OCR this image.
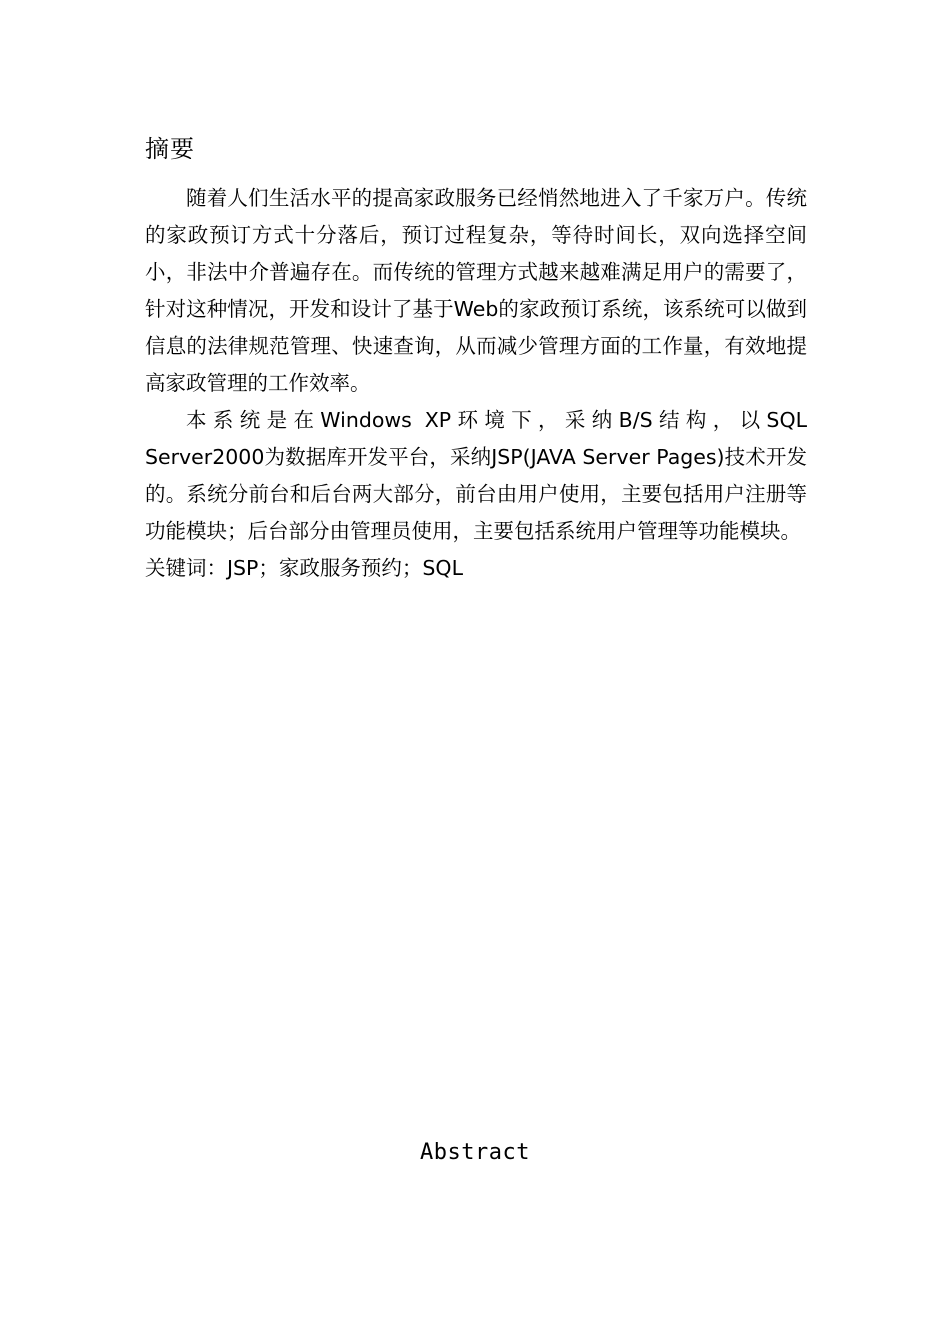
摘要

随着人们生活水平的提高家政服务已经悄然地进入了千家万户。传统的家政预订方式十分落后，预订过程复杂，等待时间长，双向选择空间小，非法中介普遍存在。而传统的管理方式越来越难满足用户的需要了，针对这种情况，开发和设计了基于Web的家政预订系统，该系统可以做到信息的法律规范管理、快速查询，从而减少管理方面的工作量，有效地提高家政管理的工作效率。

本系统是在Windows XP环境下，采纳B/S结构，以SQL Server2000为数据库开发平台，采纳JSP(JAVA Server Pages)技术开发的。系统分前台和后台两大部分，前台由用户使用，主要包括用户注册等功能模块；后台部分由管理员使用，主要包括系统用户管理等功能模块。

关键词：JSP；家政服务预约；SQL

Abstract
